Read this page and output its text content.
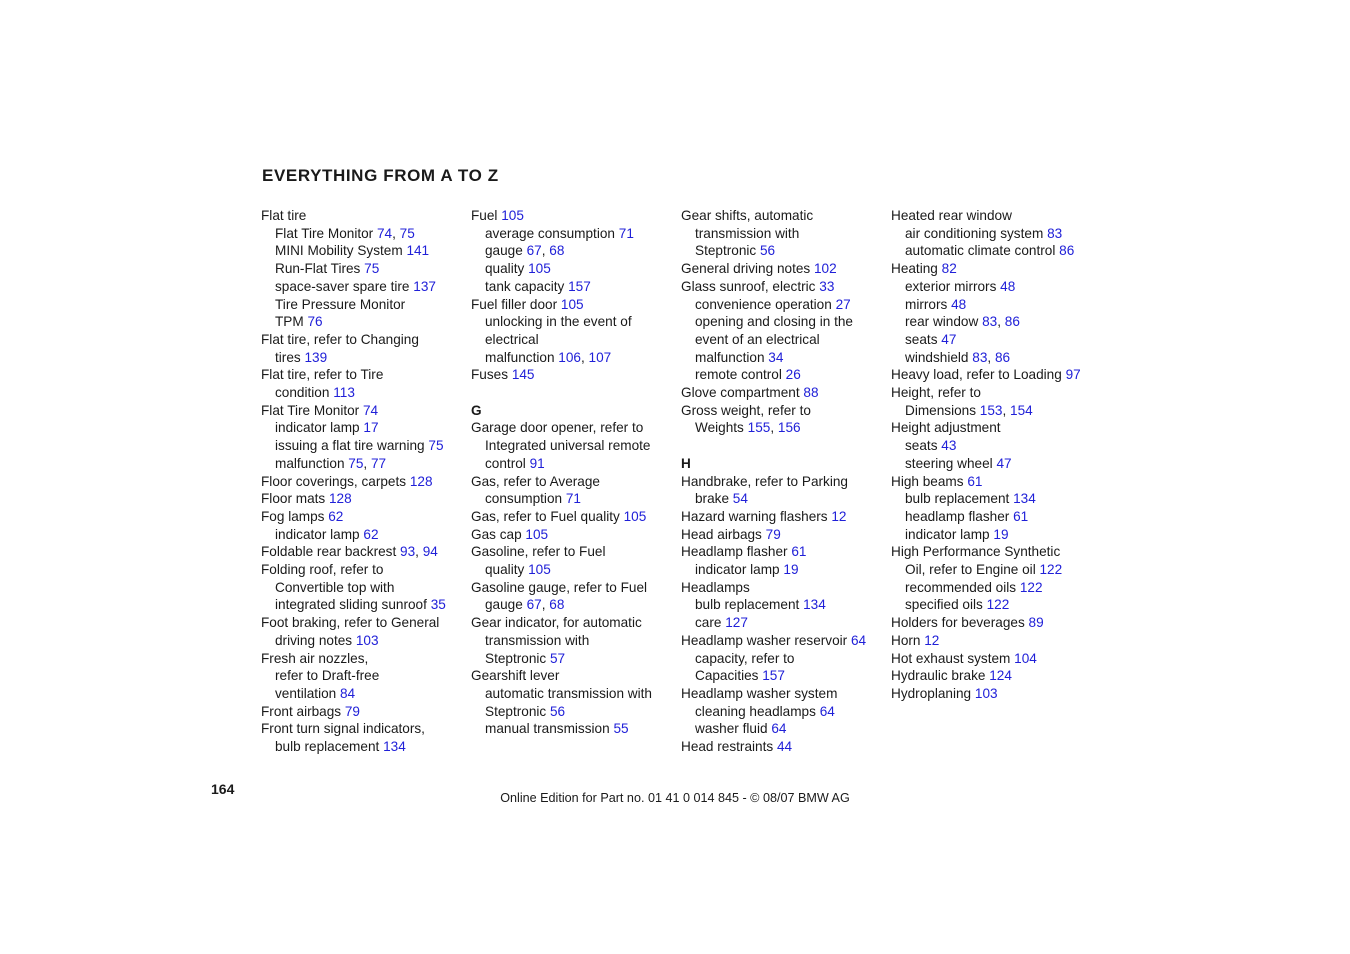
EVERYTHING FROM A TO Z
Flat tire
Flat Tire Monitor 74, 75
MINI Mobility System 141
Run-Flat Tires 75
space-saver spare tire 137
Tire Pressure Monitor
TPM 76
Flat tire, refer to Changing
tires 139
Flat tire, refer to Tire
condition 113
Flat Tire Monitor 74
indicator lamp 17
issuing a flat tire warning 75
malfunction 75, 77
Floor coverings, carpets 128
Floor mats 128
Fog lamps 62
indicator lamp 62
Foldable rear backrest 93, 94
Folding roof, refer to
Convertible top with
integrated sliding sunroof 35
Foot braking, refer to General
driving notes 103
Fresh air nozzles,
refer to Draft-free
ventilation 84
Front airbags 79
Front turn signal indicators,
bulb replacement 134
Fuel 105
average consumption 71
gauge 67, 68
quality 105
tank capacity 157
Fuel filler door 105
unlocking in the event of
electrical
malfunction 106, 107
Fuses 145
G
Garage door opener, refer to
Integrated universal remote
control 91
Gas, refer to Average
consumption 71
Gas, refer to Fuel quality 105
Gas cap 105
Gasoline, refer to Fuel
quality 105
Gasoline gauge, refer to Fuel
gauge 67, 68
Gear indicator, for automatic
transmission with
Steptronic 57
Gearshift lever
automatic transmission with
Steptronic 56
manual transmission 55
Gear shifts, automatic
transmission with
Steptronic 56
General driving notes 102
Glass sunroof, electric 33
convenience operation 27
opening and closing in the
event of an electrical
malfunction 34
remote control 26
Glove compartment 88
Gross weight, refer to
Weights 155, 156
H
Handbrake, refer to Parking
brake 54
Hazard warning flashers 12
Head airbags 79
Headlamp flasher 61
indicator lamp 19
Headlamps
bulb replacement 134
care 127
Headlamp washer reservoir 64
capacity, refer to
Capacities 157
Headlamp washer system
cleaning headlamps 64
washer fluid 64
Head restraints 44
Heated rear window
air conditioning system 83
automatic climate control 86
Heating 82
exterior mirrors 48
mirrors 48
rear window 83, 86
seats 47
windshield 83, 86
Heavy load, refer to Loading 97
Height, refer to
Dimensions 153, 154
Height adjustment
seats 43
steering wheel 47
High beams 61
bulb replacement 134
headlamp flasher 61
indicator lamp 19
High Performance Synthetic
Oil, refer to Engine oil 122
recommended oils 122
specified oils 122
Holders for beverages 89
Horn 12
Hot exhaust system 104
Hydraulic brake 124
Hydroplaning 103
164
Online Edition for Part no. 01 41 0 014 845 - © 08/07 BMW AG
